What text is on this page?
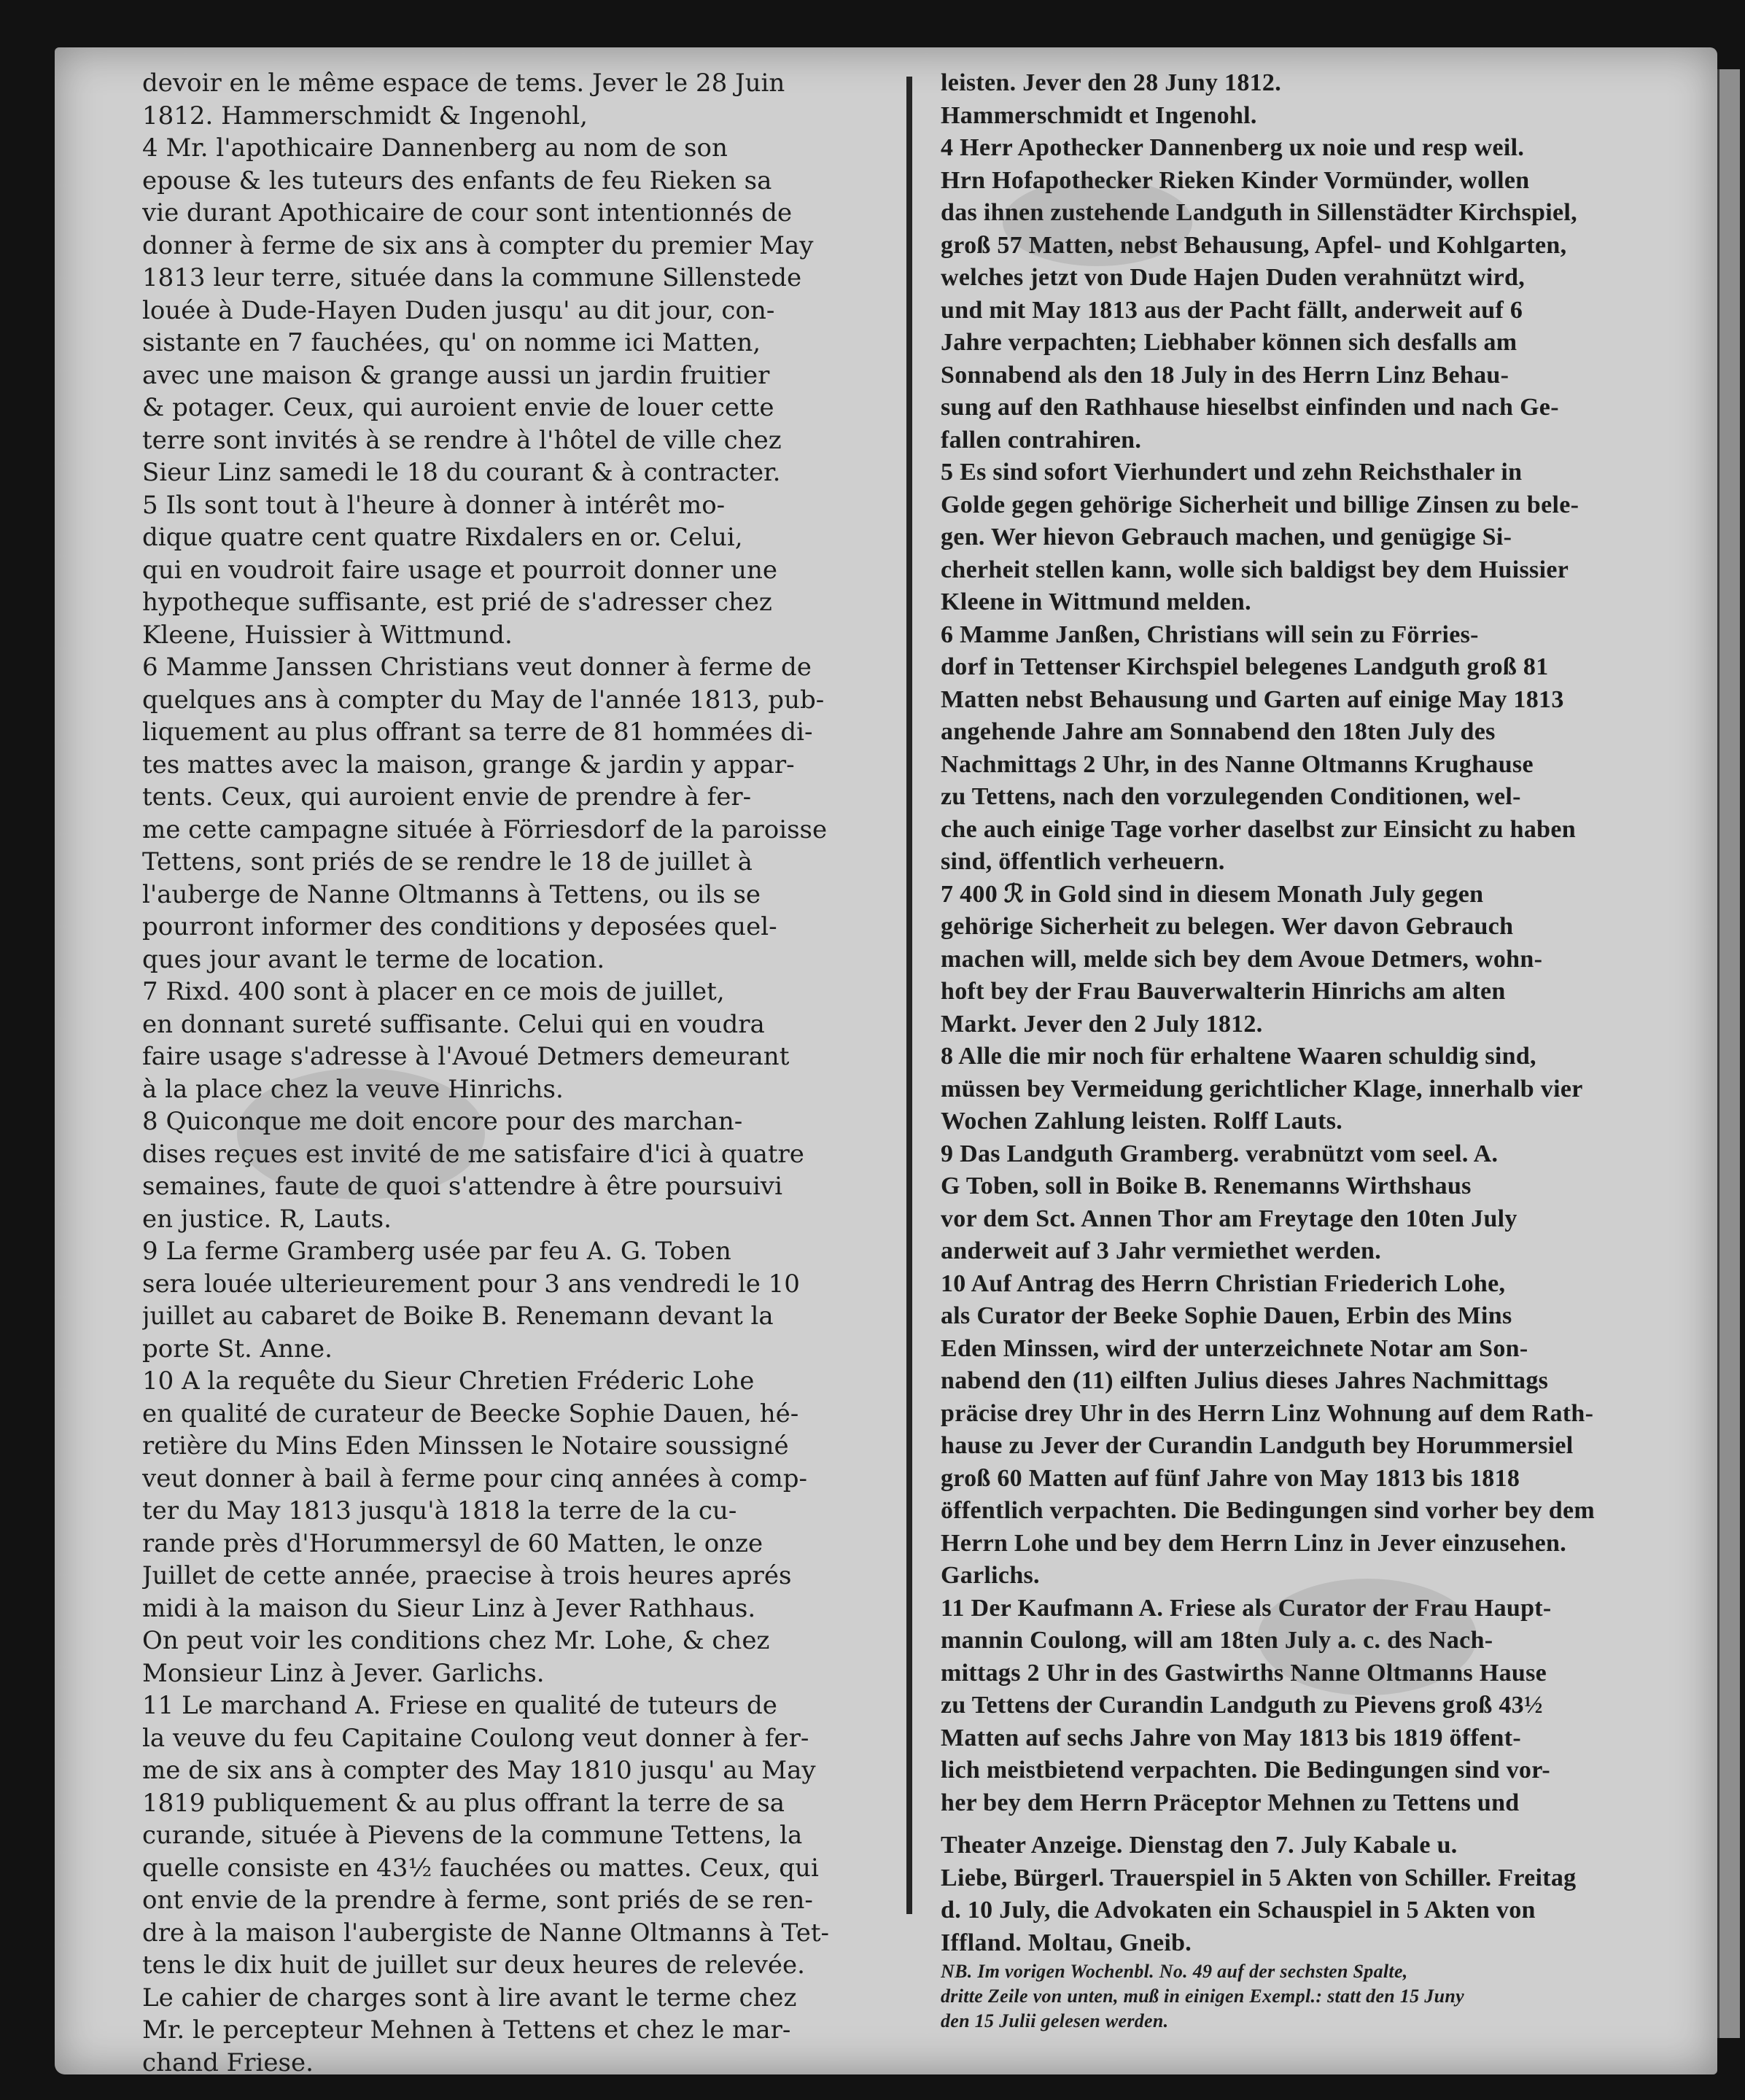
devoir en le même espace de tems. Jever le 28 Juin
1812. Hammerschmidt & Ingenohl,
4 Mr. l'apothicaire Dannenberg au nom de son
epouse & les tuteurs des enfants de feu Rieken sa
vie durant Apothicaire de cour sont intentionnés de
donner à ferme de six ans à compter du premier May
1813 leur terre, située dans la commune Sillenstede
louée à Dude-Hayen Duden jusqu' au dit jour, con-
sistante en 7 fauchées, qu' on nomme ici Matten,
avec une maison & grange aussi un jardin fruitier
& potager. Ceux, qui auroient envie de louer cette
terre sont invités à se rendre à l'hôtel de ville chez
Sieur Linz samedi le 18 du courant & à contracter.
5 Ils sont tout à l'heure à donner à intérêt mo-
dique quatre cent quatre Rixdalers en or. Celui,
qui en voudroit faire usage et pourroit donner une
hypotheque suffisante, est prié de s'adresser chez
Kleene, Huissier à Wittmund.
6 Mamme Janssen Christians veut donner à ferme de
quelques ans à compter du May de l'année 1813, pub-
liquement au plus offrant sa terre de 81 hommées di-
tes mattes avec la maison, grange & jardin y appar-
tents. Ceux, qui auroient envie de prendre à fer-
me cette campagne située à Förriesdorf de la paroisse
Tettens, sont priés de se rendre le 18 de juillet à
l'auberge de Nanne Oltmanns à Tettens, ou ils se
pourront informer des conditions y deposées quel-
ques jour avant le terme de location.
7 Rixd. 400 sont à placer en ce mois de juillet,
en donnant sureté suffisante. Celui qui en voudra
faire usage s'adresse à l'Avoué Detmers demeurant
à la place chez la veuve Hinrichs.
8 Quiconque me doit encore pour des marchan-
dises reçues est invité de me satisfaire d'ici à quatre
semaines, faute de quoi s'attendre à être poursuivi
en justice. R, Lauts.
9 La ferme Gramberg usée par feu A. G. Toben
sera louée ulterieurement pour 3 ans vendredi le 10
juillet au cabaret de Boike B. Renemann devant la
porte St. Anne.
10 A la requête du Sieur Chretien Fréderic Lohe
en qualité de curateur de Beecke Sophie Dauen, hé-
retière du Mins Eden Minssen le Notaire soussigné
veut donner à bail à ferme pour cinq années à comp-
ter du May 1813 jusqu'à 1818 la terre de la cu-
rande près d'Horummersyl de 60 Matten, le onze
Juillet de cette année, praecise à trois heures aprés
midi à la maison du Sieur Linz à Jever Rathhaus.
On peut voir les conditions chez Mr. Lohe, & chez
Monsieur Linz à Jever. Garlichs.
11 Le marchand A. Friese en qualité de tuteurs de
la veuve du feu Capitaine Coulong veut donner à fer-
me de six ans à compter des May 1810 jusqu' au May
1819 publiquement & au plus offrant la terre de sa
curande, située à Pievens de la commune Tettens, la
quelle consiste en 43½ fauchées ou mattes. Ceux, qui
ont envie de la prendre à ferme, sont priés de se ren-
dre à la maison l'aubergiste de Nanne Oltmanns à Tet-
tens le dix huit de juillet sur deux heures de relevée.
Le cahier de charges sont à lire avant le terme chez
Mr. le percepteur Mehnen à Tettens et chez le mar-
chand Friese.
leisten. Jever den 28 Juny 1812.
Hammerschmidt et Ingenohl.
4 Herr Apothecker Dannenberg ux noie und resp weil.
Hrn Hofapothecker Rieken Kinder Vormünder, wollen
das ihnen zustehende Landguth in Sillenstädter Kirchspiel,
groß 57 Matten, nebst Behausung, Apfel- und Kohlgarten,
welches jetzt von Dude Hajen Duden verahnützt wird,
und mit May 1813 aus der Pacht fällt, anderweit auf 6
Jahre verpachten; Liebhaber können sich desfalls am
Sonnabend als den 18 July in des Herrn Linz Behau-
sung auf den Rathhause hieselbst einfinden und nach Ge-
fallen contrahiren.
5 Es sind sofort Vierhundert und zehn Reichsthaler in
Golde gegen gehörige Sicherheit und billige Zinsen zu bele-
gen. Wer hievon Gebrauch machen, und genügige Si-
cherheit stellen kann, wolle sich baldigst bey dem Huissier
Kleene in Wittmund melden.
6 Mamme Janßen, Christians will sein zu Förries-
dorf in Tettenser Kirchspiel belegenes Landguth groß 81
Matten nebst Behausung und Garten auf einige May 1813
angehende Jahre am Sonnabend den 18ten July des
Nachmittags 2 Uhr, in des Nanne Oltmanns Krughause
zu Tettens, nach den vorzulegenden Conditionen, wel-
che auch einige Tage vorher daselbst zur Einsicht zu haben
sind, öffentlich verheuern.
7 400 ℛ in Gold sind in diesem Monath July gegen
gehörige Sicherheit zu belegen. Wer davon Gebrauch
machen will, melde sich bey dem Avoue Detmers, wohn-
hoft bey der Frau Bauverwalterin Hinrichs am alten
Markt. Jever den 2 July 1812.
8 Alle die mir noch für erhaltene Waaren schuldig sind,
müssen bey Vermeidung gerichtlicher Klage, innerhalb vier
Wochen Zahlung leisten. Rolff Lauts.
9 Das Landguth Gramberg. verabnützt vom seel. A.
G Toben, soll in Boike B. Renemanns Wirthshaus
vor dem Sct. Annen Thor am Freytage den 10ten July
anderweit auf 3 Jahr vermiethet werden.
10 Auf Antrag des Herrn Christian Friederich Lohe,
als Curator der Beeke Sophie Dauen, Erbin des Mins
Eden Minssen, wird der unterzeichnete Notar am Son-
nabend den (11) eilften Julius dieses Jahres Nachmittags
präcise drey Uhr in des Herrn Linz Wohnung auf dem Rath-
hause zu Jever der Curandin Landguth bey Horummersiel
groß 60 Matten auf fünf Jahre von May 1813 bis 1818
öffentlich verpachten. Die Bedingungen sind vorher bey dem
Herrn Lohe und bey dem Herrn Linz in Jever einzusehen.
Garlichs.
11 Der Kaufmann A. Friese als Curator der Frau Haupt-
mannin Coulong, will am 18ten July a. c. des Nach-
mittags 2 Uhr in des Gastwirths Nanne Oltmanns Hause
zu Tettens der Curandin Landguth zu Pievens groß 43½
Matten auf sechs Jahre von May 1813 bis 1819 öffent-
lich meistbietend verpachten. Die Bedingungen sind vor-
her bey dem Herrn Präceptor Mehnen zu Tettens und
Theater Anzeige. Dienstag den 7. July Kabale u.
Liebe, Bürgerl. Trauerspiel in 5 Akten von Schiller. Freitag
d. 10 July, die Advokaten ein Schauspiel in 5 Akten von
Iffland. Moltau, Gneib.
NB. Im vorigen Wochenbl. No. 49 auf der sechsten Spalte,
dritte Zeile von unten, muß in einigen Exempl.: statt den 15 Juny
den 15 Julii gelesen werden.
